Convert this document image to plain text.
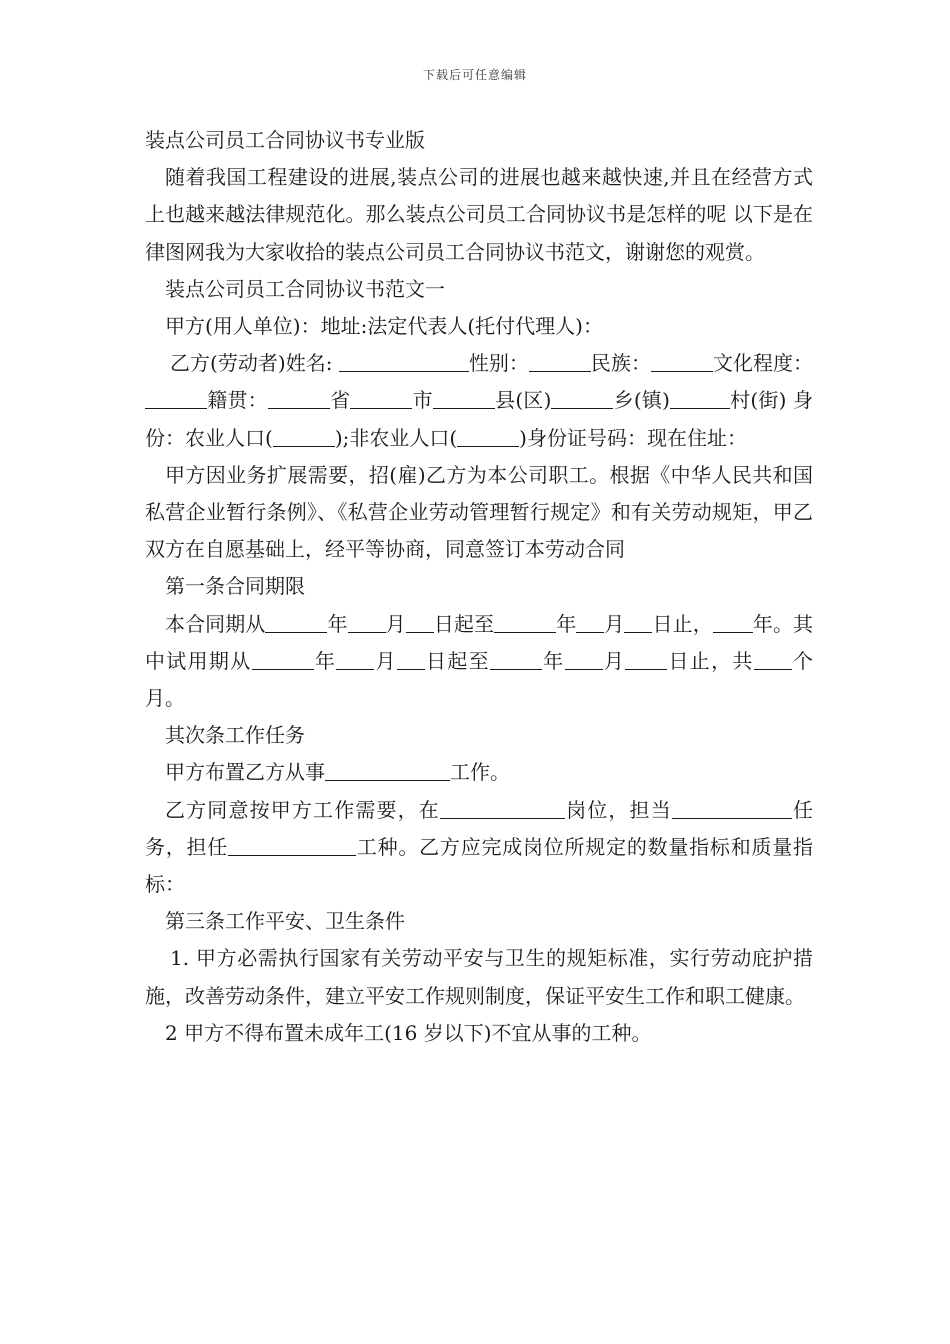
下载后可任意编辑

装点公司员工合同协议书专业版

随着我国工程建设的进展,装点公司的进展也越来越快速,并且在经营方式上也越来越法律规范化。那么装点公司员工合同协议书是怎样的呢 以下是在律图网我为大家收拾的装点公司员工合同协议书范文，谢谢您的观赏。

装点公司员工合同协议书范文一

甲方(用人单位)：地址:法定代表人(托付代理人)：

乙方(劳动者)姓名:	性别：	民族：	文化程度：籍贯：	省	市	县(区)	乡(镇)	村(街) 身份：农业人口(	);非农业人口(	)身份证号码：现在住址：

甲方因业务扩展需要，招(雇)乙方为本公司职工。根据《中华人民共和国私营企业暂行条例》、《私营企业劳动管理暂行规定》和有关劳动规矩，甲乙双方在自愿基础上，经平等协商，同意签订本劳动合同

第一条合同期限

本合同期从	年 月 日起至	年 月 日止， 年。其中试用期从	年 月 日起至	年 月 日止，共 个月。

其次条工作任务

甲方布置乙方从事	工作。

乙方同意按甲方工作需要，在	岗位，担当	任务，担任	工种。乙方应完成岗位所规定的数量指标和质量指标：

第三条工作平安、卫生条件

1. 甲方必需执行国家有关劳动平安与卫生的规矩标准，实行劳动庇护措施，改善劳动条件，建立平安工作规则制度，保证平安生工作和职工健康。

2 甲方不得布置未成年工(16 岁以下)不宜从事的工种。
